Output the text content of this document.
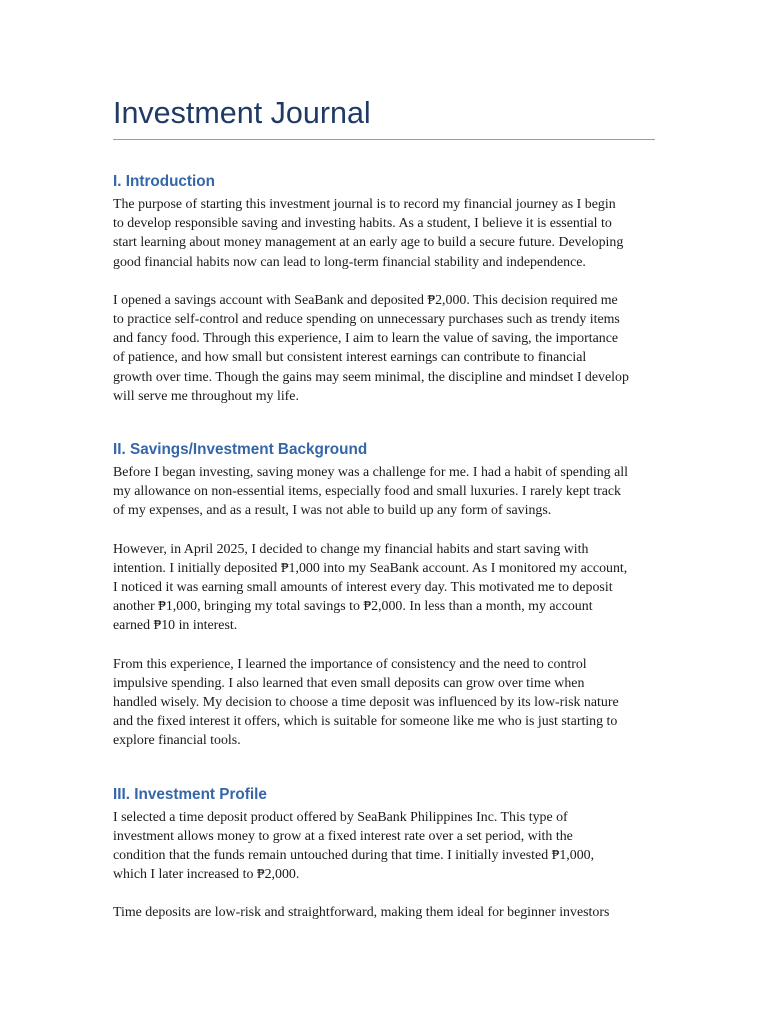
Investment Journal
I. Introduction

The purpose of starting this investment journal is to record my financial journey as I begin
to develop responsible saving and investing habits. As a student, I believe it is essential to
start learning about money management at an early age to build a secure future. Developing
good financial habits now can lead to long-term financial stability and independence.

I opened a savings account with SeaBank and deposited ₱2,000. This decision required me
to practice self-control and reduce spending on unnecessary purchases such as trendy items
and fancy food. Through this experience, I aim to learn the value of saving, the importance
of patience, and how small but consistent interest earnings can contribute to financial
growth over time. Though the gains may seem minimal, the discipline and mindset I develop
will serve me throughout my life.

II. Savings/Investment Background

Before I began investing, saving money was a challenge for me. I had a habit of spending all
my allowance on non-essential items, especially food and small luxuries. I rarely kept track
of my expenses, and as a result, I was not able to build up any form of savings.

However, in April 2025, I decided to change my financial habits and start saving with
intention. I initially deposited ₱1,000 into my SeaBank account. As I monitored my account,
I noticed it was earning small amounts of interest every day. This motivated me to deposit
another ₱1,000, bringing my total savings to ₱2,000. In less than a month, my account
earned ₱10 in interest.

From this experience, I learned the importance of consistency and the need to control
impulsive spending. I also learned that even small deposits can grow over time when
handled wisely. My decision to choose a time deposit was influenced by its low-risk nature
and the fixed interest it offers, which is suitable for someone like me who is just starting to
explore financial tools.

III. Investment Profile

I selected a time deposit product offered by SeaBank Philippines Inc. This type of
investment allows money to grow at a fixed interest rate over a set period, with the
condition that the funds remain untouched during that time. I initially invested ₱1,000,
which I later increased to ₱2,000.

Time deposits are low-risk and straightforward, making them ideal for beginner investors
